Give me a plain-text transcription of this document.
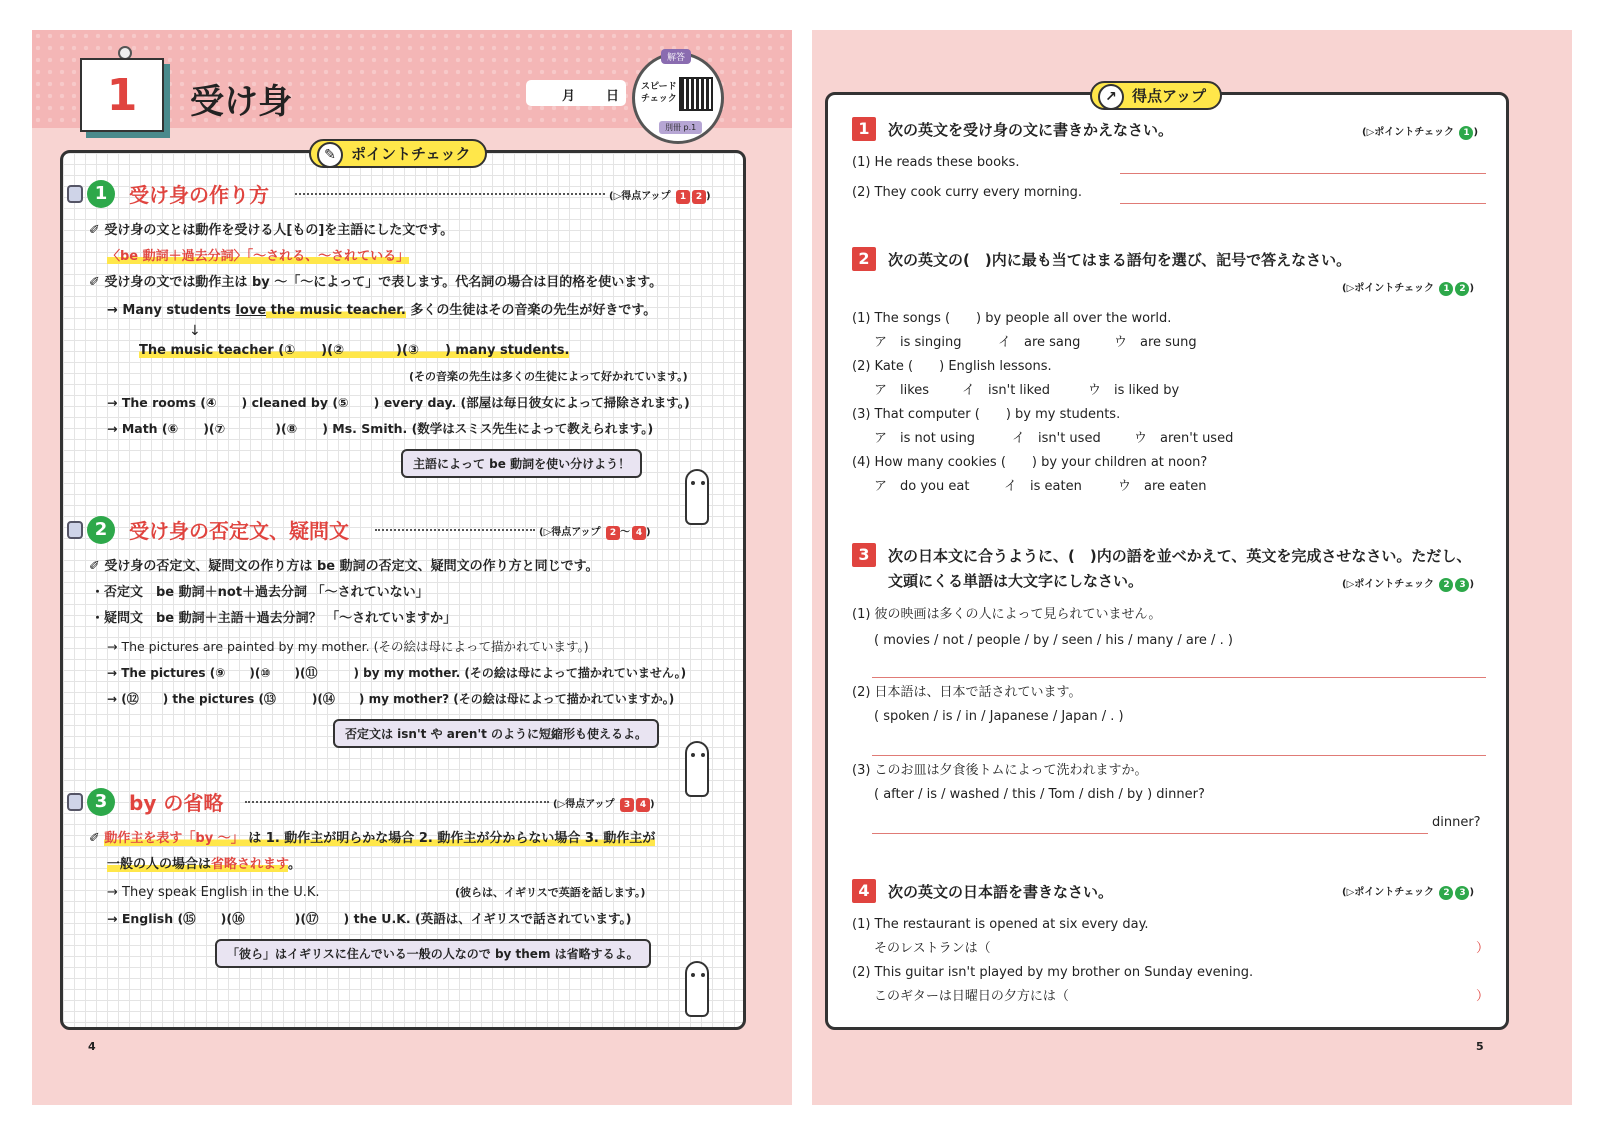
1 受け身	月 日
解答
スピード
チェック
別冊 p.1
✎	ポイントチェック
1	受け身の作り方	(▷得点アップ 1 2 )
✐ 受け身の文とは動作を受ける人[もの]を主語にした文です。
〈be 動詞＋過去分詞〉「～される、～されている」
✐ 受け身の文では動作主は by ～「～によって」で表します。代名詞の場合は目的格を使います。
→ Many students love the music teacher. 多くの生徒はその音楽の先生が好きです。
↓
The music teacher (①　　)(②　　　　)(③　　) many students.
(その音楽の先生は多くの生徒によって好かれています。)
→ The rooms (④　　) cleaned by (⑤　　) every day. (部屋は毎日彼女によって掃除されます。)
→ Math (⑥　　)(⑦　　　　)(⑧　　) Ms. Smith. (数学はスミス先生によって教えられます。)
主語によって be 動詞を使い分けよう！
2	受け身の否定文、疑問文	(▷得点アップ 2 ～ 4 )
✐ 受け身の否定文、疑問文の作り方は be 動詞の否定文、疑問文の作り方と同じです。
・否定文　be 動詞＋not＋過去分詞 「～されていない」
・疑問文　be 動詞＋主語＋過去分詞？ 「～されていますか」
→ The pictures are painted by my mother. (その絵は母によって描かれています。)
→ The pictures (⑨　　)(⑩　　)(⑪　　　) by my mother. (その絵は母によって描かれていません。)
→ (⑫　　) the pictures (⑬　　　)(⑭　　) my mother? (その絵は母によって描かれていますか。)
否定文は isn't や aren't のように短縮形も使えるよ。
3	by の省略	(▷得点アップ 3 4 )
✐ 動作主を表す「by ～」 は 1. 動作主が明らかな場合 2. 動作主が分からない場合 3. 動作主が
一般の人の場合は省略されます。
→ They speak English in the U.K.	(彼らは、イギリスで英語を話します。)
→ English (⑮　　)(⑯　　　　)(⑰　　) the U.K. (英語は、イギリスで話されています。)
「彼ら」はイギリスに住んでいる一般の人なので by them は省略するよ。
4
↗	得点アップ
1	次の英文を受け身の文に書きかえなさい。	(▷ポイントチェック 1 )
(1) He reads these books.
(2) They cook curry every morning.
2	次の英文の(　)内に最も当てはまる語句を選び、記号で答えなさい。
(▷ポイントチェック 1 2 )
(1) The songs (　　) by people all over the world.
ア　is singing	イ　are sang	ウ　are sung
(2) Kate (　　) English lessons.
ア　likes	イ　isn't liked	ウ　is liked by
(3) That computer (　　) by my students.
ア　is not using	イ　isn't used	ウ　aren't used
(4) How many cookies (　　) by your children at noon?
ア　do you eat	イ　is eaten	ウ　are eaten
3	次の日本文に合うように、(　)内の語を並べかえて、英文を完成させなさい。ただし、
文頭にくる単語は大文字にしなさい。	(▷ポイントチェック 2 3 )
(1) 彼の映画は多くの人によって見られていません。
( movies / not / people / by / seen / his / many / are / . )
(2) 日本語は、日本で話されています。
( spoken / is / in / Japanese / Japan / . )
(3) このお皿は夕食後トムによって洗われますか。
( after / is / washed / this / Tom / dish / by ) dinner?
dinner?
4	次の英文の日本語を書きなさい。	(▷ポイントチェック 2 3 )
(1) The restaurant is opened at six every day.
そのレストランは（	）
(2) This guitar isn't played by my brother on Sunday evening.
このギターは日曜日の夕方には（	）
5
